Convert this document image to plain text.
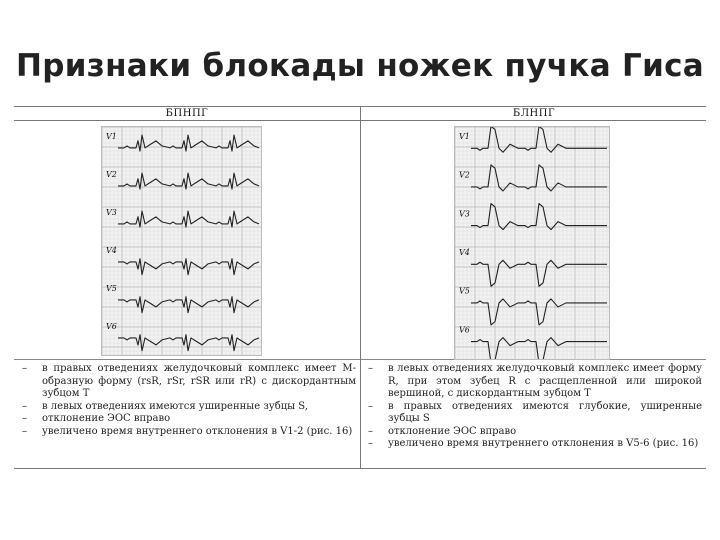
Признаки блокады ножек пучка Гиса
БПНПГ	БЛНПГ
V1
V2
V3
V4
V5
V6
V1
V2
V3
V4
V5
V6
– в правых отведениях желудочковый комплекс имеет М-образную форму (rsR, rSr, rSR или rR) с дискордантным зубцом Т
– в левых отведениях имеются уширенные зубцы S,
– отклонение ЭОС вправо
– увеличено время внутреннего отклонения в V1-2 (рис. 16)
– в левых отведениях желудочковый комплекс имеет форму R, при этом зубец R с расщепленной или широкой вершиной, с дискордантным зубцом Т
– в правых отведениях имеются глубокие, уширенные зубцы S
– отклонение ЭОС вправо
– увеличено время внутреннего отклонения в V5-6 (рис. 16)
